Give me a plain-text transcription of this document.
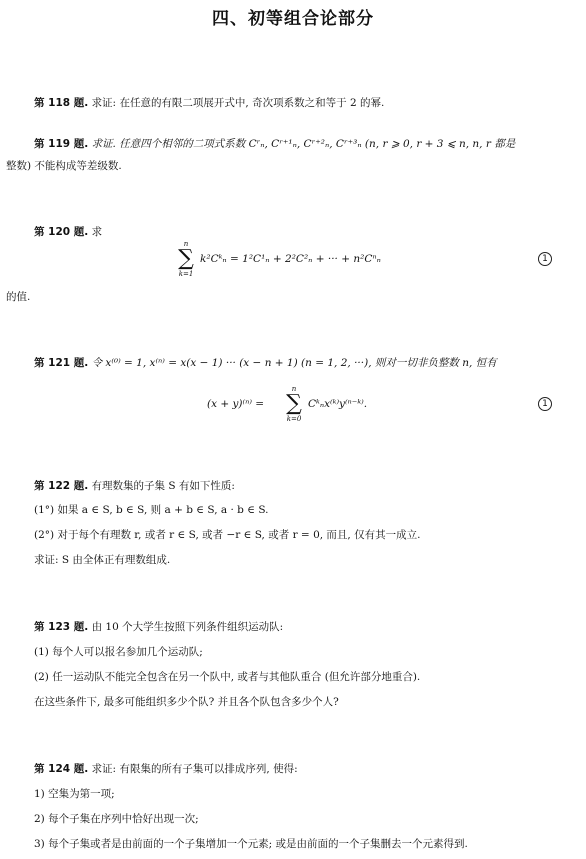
四、初等组合论部分
第 118 题. 求证: 在任意的有限二项展开式中, 奇次项系数之和等于 2 的幂.
第 119 题. 求证. 任意四个相邻的二项式系数 Cʳₙ, Cʳ⁺¹ₙ, Cʳ⁺²ₙ, Cʳ⁺³ₙ (n, r ⩾ 0, r + 3 ⩽ n, n, r 都是
整数) 不能构成等差级数.
第 120 题. 求
n
∑
k=1
k²Cᵏₙ = 1²C¹ₙ + 2²C²ₙ + ··· + n²Cⁿₙ	1
的值.
第 121 题. 令 x⁽⁰⁾ = 1, x⁽ⁿ⁾ = x(x − 1) ··· (x − n + 1) (n = 1, 2, ···), 则对一切非负整数 n, 恒有
(x + y)⁽ⁿ⁾ =
n
∑
k=0
Cᵏₙx⁽ᵏ⁾y⁽ⁿ⁻ᵏ⁾.	1
第 122 题. 有理数集的子集 S 有如下性质:
(1°) 如果 a ∈ S, b ∈ S, 则 a + b ∈ S, a · b ∈ S.
(2°) 对于每个有理数 r, 或者 r ∈ S, 或者 −r ∈ S, 或者 r = 0, 而且, 仅有其一成立.
求证: S 由全体正有理数组成.
第 123 题. 由 10 个大学生按照下列条件组织运动队:
(1) 每个人可以报名参加几个运动队;
(2) 任一运动队不能完全包含在另一个队中, 或者与其他队重合 (但允许部分地重合).
在这些条件下, 最多可能组织多少个队? 并且各个队包含多少个人?
第 124 题. 求证: 有限集的所有子集可以排成序列, 使得:
1) 空集为第一项;
2) 每个子集在序列中恰好出现一次;
3) 每个子集或者是由前面的一个子集增加一个元素; 或是由前面的一个子集删去一个元素得到.
